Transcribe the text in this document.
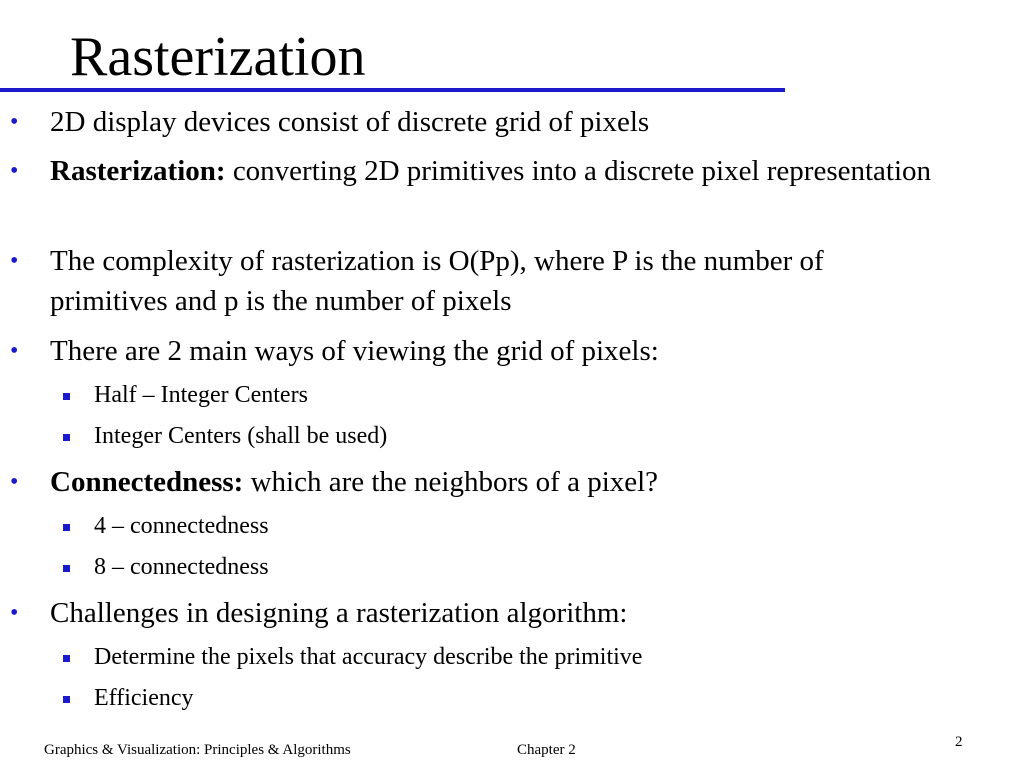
Rasterization
•	2D display devices consist of discrete grid of pixels
•	Rasterization: converting 2D primitives into a discrete pixel representation
•	The complexity of rasterization is O(Pp), where P is the number of primitives and p is the number of pixels
•	There are 2 main ways of viewing the grid of pixels:
Half – Integer Centers
Integer Centers (shall be used)
•	Connectedness: which are the neighbors of a pixel?
4 – connectedness
8 – connectedness
•	Challenges in designing a rasterization algorithm:
Determine the pixels that accuracy describe the primitive
Efficiency
Graphics & Visualization: Principles & Algorithms	Chapter 2	2
